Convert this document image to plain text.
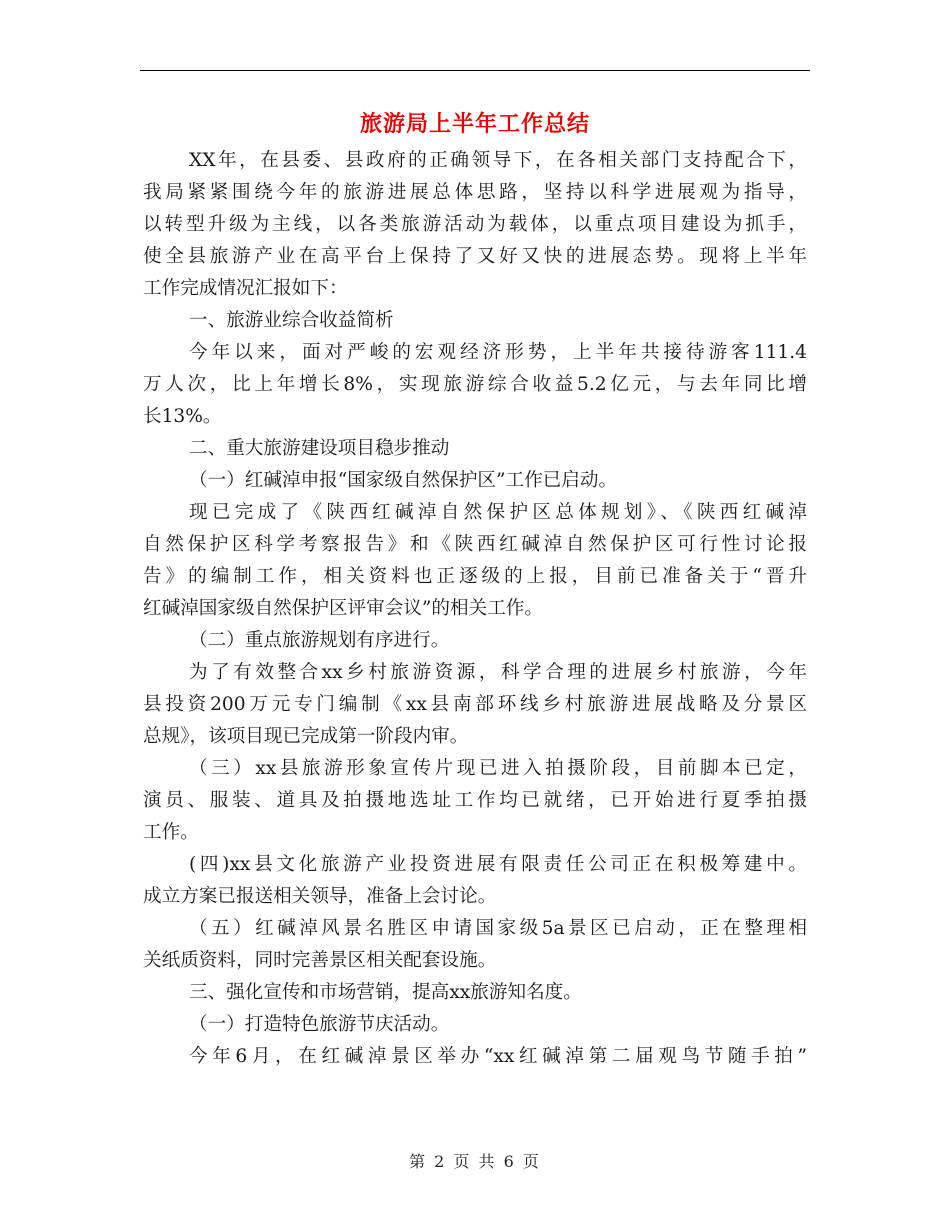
旅游局上半年工作总结
XX年，在县委、县政府的正确领导下，在各相关部门支持配合下，
我局紧紧围绕今年的旅游进展总体思路，坚持以科学进展观为指导，
以转型升级为主线，以各类旅游活动为载体，以重点项目建设为抓手，
使全县旅游产业在高平台上保持了又好又快的进展态势。现将上半年
工作完成情况汇报如下：
一、旅游业综合收益简析
今年以来，面对严峻的宏观经济形势，上半年共接待游客111.4
万人次，比上年增长8%，实现旅游综合收益5.2亿元，与去年同比增
长13%。
二、重大旅游建设项目稳步推动
（一）红碱淖申报“国家级自然保护区”工作已启动。
现已完成了《陕西红碱淖自然保护区总体规划》、《陕西红碱淖
自然保护区科学考察报告》和《陕西红碱淖自然保护区可行性讨论报
告》的编制工作，相关资料也正逐级的上报，目前已准备关于“晋升
红碱淖国家级自然保护区评审会议”的相关工作。
（二）重点旅游规划有序进行。
为了有效整合xx乡村旅游资源，科学合理的进展乡村旅游，今年
县投资200万元专门编制《xx县南部环线乡村旅游进展战略及分景区
总规》，该项目现已完成第一阶段内审。
（三）xx县旅游形象宣传片现已进入拍摄阶段，目前脚本已定，
演员、服装、道具及拍摄地选址工作均已就绪，已开始进行夏季拍摄
工作。
(四)xx县文化旅游产业投资进展有限责任公司正在积极筹建中。
成立方案已报送相关领导，准备上会讨论。
（五）红碱淖风景名胜区申请国家级5a景区已启动，正在整理相
关纸质资料，同时完善景区相关配套设施。
三、强化宣传和市场营销，提高xx旅游知名度。
（一）打造特色旅游节庆活动。
今年6月，在红碱淖景区举办“xx红碱淖第二届观鸟节随手拍”
第 2 页 共 6 页
